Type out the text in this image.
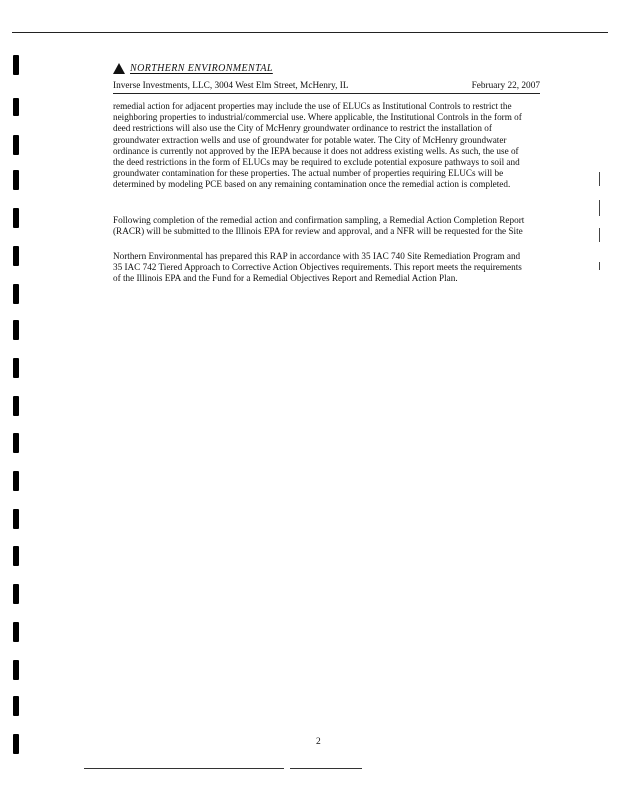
NORTHERN ENVIRONMENTAL
Inverse Investments, LLC, 3004 West Elm Street, McHenry, IL	February 22, 2007

remedial action for adjacent properties may include the use of ELUCs as Institutional Controls to restrict the neighboring properties to industrial/commercial use. Where applicable, the Institutional Controls in the form of deed restrictions will also use the City of McHenry groundwater ordinance to restrict the installation of groundwater extraction wells and use of groundwater for potable water. The City of McHenry groundwater ordinance is currently not approved by the IEPA because it does not address existing wells. As such, the use of the deed restrictions in the form of ELUCs may be required to exclude potential exposure pathways to soil and groundwater contamination for these properties. The actual number of properties requiring ELUCs will be determined by modeling PCE based on any remaining contamination once the remedial action is completed.

Following completion of the remedial action and confirmation sampling, a Remedial Action Completion Report (RACR) will be submitted to the Illinois EPA for review and approval, and a NFR will be requested for the Site

Northern Environmental has prepared this RAP in accordance with 35 IAC 740 Site Remediation Program and 35 IAC 742 Tiered Approach to Corrective Action Objectives requirements. This report meets the requirements of the Illinois EPA and the Fund for a Remedial Objectives Report and Remedial Action Plan.

2
